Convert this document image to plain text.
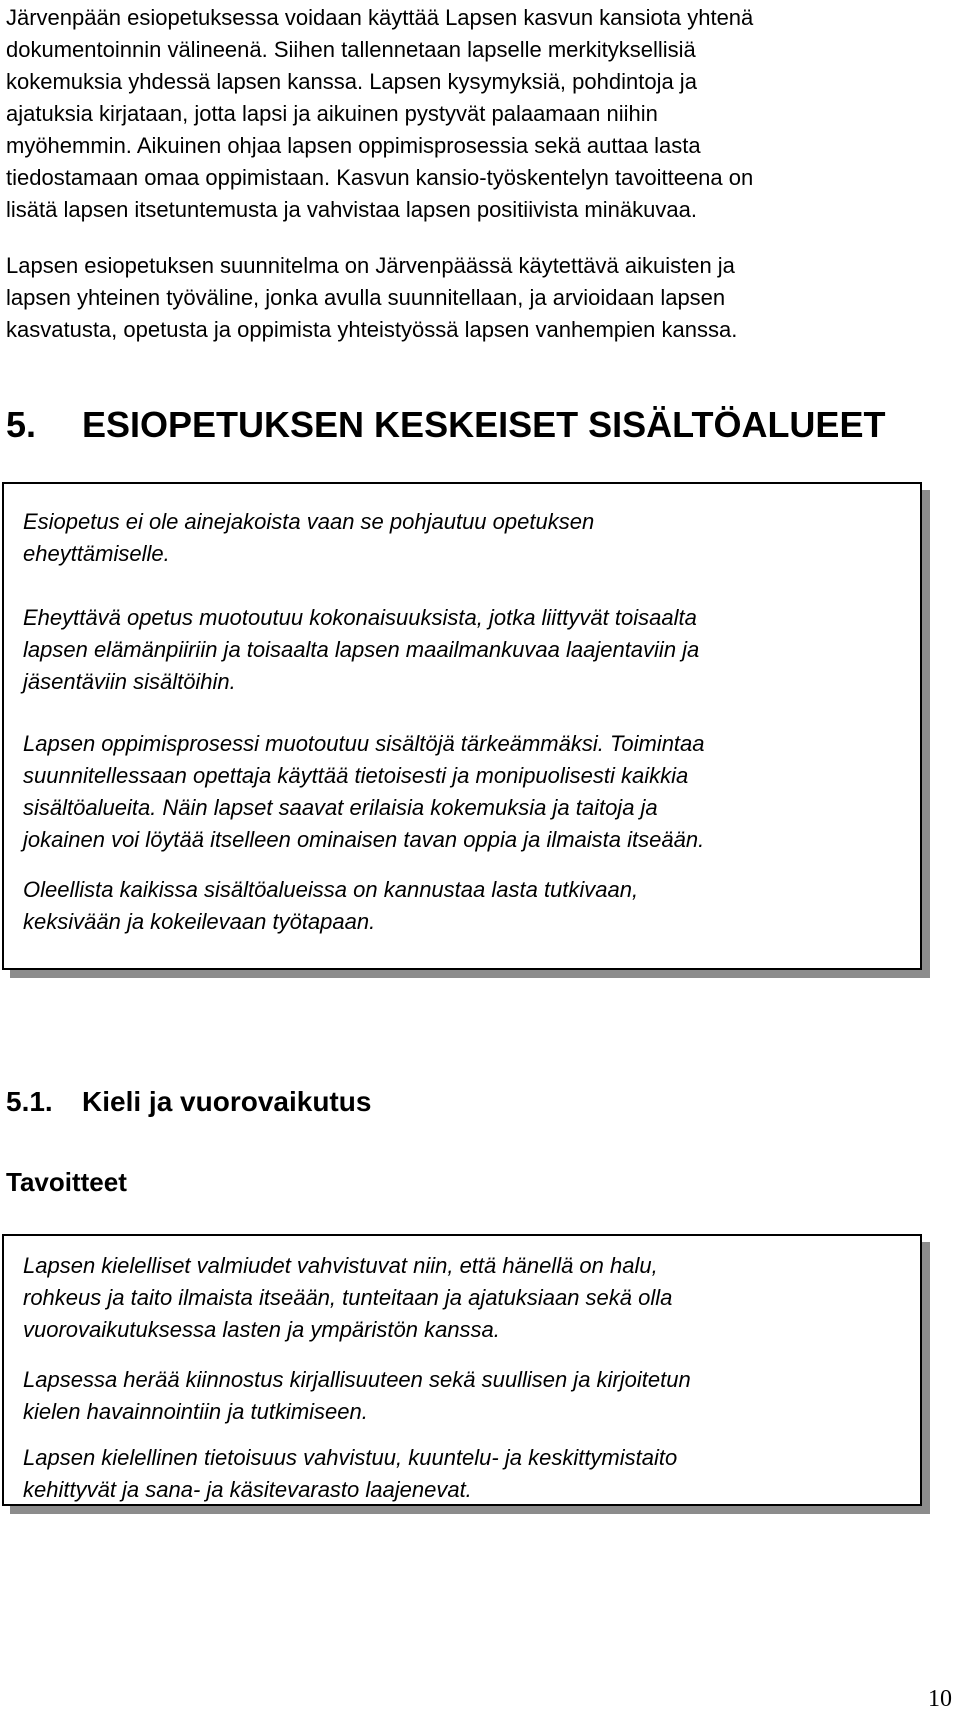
Järvenpään esiopetuksessa voidaan käyttää Lapsen kasvun kansiota yhtenä
dokumentoinnin välineenä. Siihen tallennetaan lapselle merkityksellisiä
kokemuksia yhdessä lapsen kanssa. Lapsen kysymyksiä, pohdintoja ja
ajatuksia kirjataan, jotta lapsi ja aikuinen pystyvät palaamaan niihin
myöhemmin. Aikuinen ohjaa lapsen oppimisprosessia sekä auttaa lasta
tiedostamaan omaa oppimistaan. Kasvun kansio-työskentelyn tavoitteena on
lisätä lapsen itsetuntemusta ja vahvistaa lapsen positiivista minäkuvaa.

Lapsen esiopetuksen suunnitelma on Järvenpäässä käytettävä aikuisten ja
lapsen yhteinen työväline, jonka avulla suunnitellaan, ja arvioidaan lapsen
kasvatusta, opetusta ja oppimista yhteistyössä lapsen vanhempien kanssa.

5. ESIOPETUKSEN KESKEISET SISÄLTÖALUEET

Esiopetus ei ole ainejakoista vaan se pohjautuu opetuksen
eheyttämiselle.

Eheyttävä opetus muotoutuu kokonaisuuksista, jotka liittyvät toisaalta
lapsen elämänpiiriin ja toisaalta lapsen maailmankuvaa laajentaviin ja
jäsentäviin sisältöihin.

Lapsen oppimisprosessi muotoutuu sisältöjä tärkeämmäksi. Toimintaa
suunnitellessaan opettaja käyttää tietoisesti ja monipuolisesti kaikkia
sisältöalueita. Näin lapset saavat erilaisia kokemuksia ja taitoja ja
jokainen voi löytää itselleen ominaisen tavan oppia ja ilmaista itseään.

Oleellista kaikissa sisältöalueissa on kannustaa lasta tutkivaan,
keksivään ja kokeilevaan työtapaan.

5.1. Kieli ja vuorovaikutus
Tavoitteet

Lapsen kielelliset valmiudet vahvistuvat niin, että hänellä on halu,
rohkeus ja taito ilmaista itseään, tunteitaan ja ajatuksiaan sekä olla
vuorovaikutuksessa lasten ja ympäristön kanssa.

Lapsessa herää kiinnostus kirjallisuuteen sekä suullisen ja kirjoitetun
kielen havainnointiin ja tutkimiseen.

Lapsen kielellinen tietoisuus vahvistuu, kuuntelu- ja keskittymistaito
kehittyvät ja sana- ja käsitevarasto laajenevat.

10
